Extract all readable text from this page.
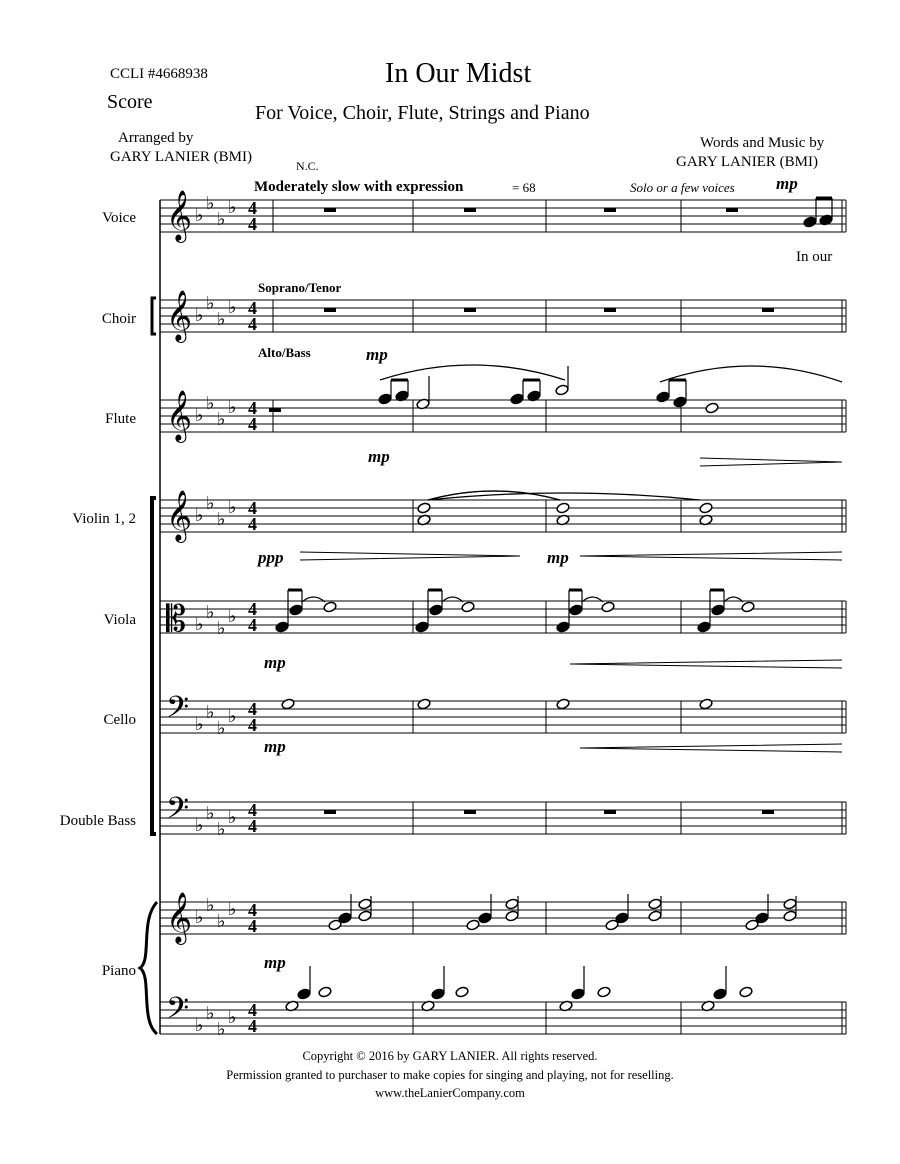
CCLI #4668938
Score
In Our Midst
For Voice, Choir, Flute, Strings and Piano
Arranged by
GARY LANIER (BMI)
Words and Music by
GARY LANIER (BMI)
N.C.
Moderately slow with expression	= 68	Solo or a few voices
Soprano/Tenor
Alto/Bass
In our
mp
mp
mp
ppp	mp
mp
mp
mp
Voice
Choir
Flute
Violin 1, 2
Viola
Cello
Double Bass
Piano
𝄞 ♭
♭
♭
♭ 4
4
𝄞 ♭
♭
♭
♭ 4
4
𝄞 ♭
♭
♭
♭ 4
4
𝄞 ♭
♭
♭
♭ 4
4
𝄡 ♭
♭
♭
♭ 4
4
𝄢 ♭
♭
♭
♭ 4
4
𝄢 ♭
♭
♭
♭ 4
4
𝄞 ♭
♭
♭
♭ 4
4
𝄢 ♭
♭
♭
♭ 4
4
Copyright © 2016 by GARY LANIER. All rights reserved.
Permission granted to purchaser to make copies for singing and playing, not for reselling.
www.theLanierCompany.com
